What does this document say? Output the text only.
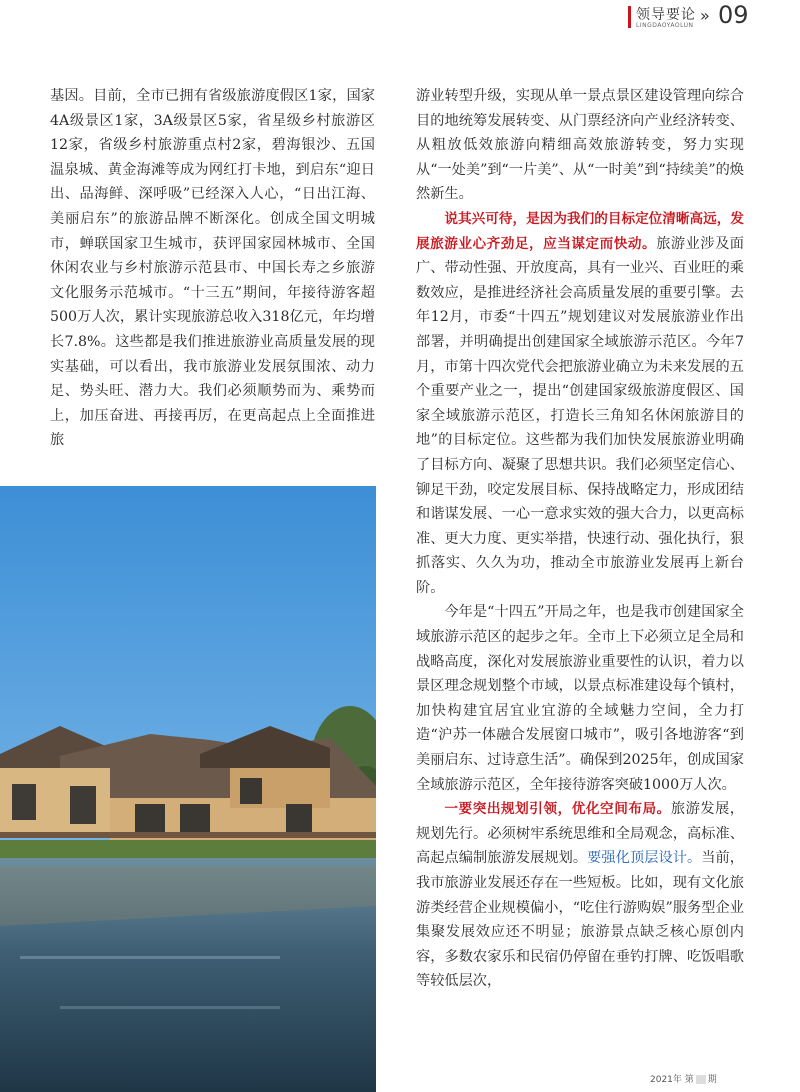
领导要论
LINGDAOYAOLUN
» 09

基因。目前，全市已拥有省级旅游度假区1家，国家4A级景区1家，3A级景区5家，省星级乡村旅游区12家，省级乡村旅游重点村2家，碧海银沙、五国温泉城、黄金海滩等成为网红打卡地，到启东“迎日出、品海鲜、深呼吸”已经深入人心，“日出江海、美丽启东”的旅游品牌不断深化。创成全国文明城市，蝉联国家卫生城市，获评国家园林城市、全国休闲农业与乡村旅游示范县市、中国长寿之乡旅游文化服务示范城市。“十三五”期间，年接待游客超500万人次，累计实现旅游总收入318亿元，年均增长7.8%。这些都是我们推进旅游业高质量发展的现实基础，可以看出，我市旅游业发展氛围浓、动力足、势头旺、潜力大。我们必须顺势而为、乘势而上，加压奋进、再接再厉，在更高起点上全面推进旅

游业转型升级，实现从单一景点景区建设管理向综合目的地统筹发展转变、从门票经济向产业经济转变、从粗放低效旅游向精细高效旅游转变，努力实现从“一处美”到“一片美”、从“一时美”到“持续美”的焕然新生。

说其兴可待，是因为我们的目标定位清晰高远，发展旅游业心齐劲足，应当谋定而快动。旅游业涉及面广、带动性强、开放度高，具有一业兴、百业旺的乘数效应，是推进经济社会高质量发展的重要引擎。去年12月，市委“十四五”规划建议对发展旅游业作出部署，并明确提出创建国家全域旅游示范区。今年7月，市第十四次党代会把旅游业确立为未来发展的五个重要产业之一，提出“创建国家级旅游度假区、国家全域旅游示范区，打造长三角知名休闲旅游目的地”的目标定位。这些都为我们加快发展旅游业明确了目标方向、凝聚了思想共识。我们必须坚定信心、铆足干劲，咬定发展目标、保持战略定力，形成团结和谐谋发展、一心一意求实效的强大合力，以更高标准、更大力度、更实举措，快速行动、强化执行，狠抓落实、久久为功，推动全市旅游业发展再上新台阶。

今年是“十四五”开局之年，也是我市创建国家全域旅游示范区的起步之年。全市上下必须立足全局和战略高度，深化对发展旅游业重要性的认识，着力以景区理念规划整个市域，以景点标准建设每个镇村，加快构建宜居宜业宜游的全域魅力空间，全力打造“沪苏一体融合发展窗口城市”，吸引各地游客“到美丽启东、过诗意生活”。确保到2025年，创成国家全域旅游示范区，全年接待游客突破1000万人次。

一要突出规划引领，优化空间布局。旅游发展，规划先行。必须树牢系统思维和全局观念，高标准、高起点编制旅游发展规划。要强化顶层设计。当前，我市旅游业发展还存在一些短板。比如，现有文化旅游类经营企业规模偏小，“吃住行游购娱”服务型企业集聚发展效应还不明显；旅游景点缺乏核心原创内容，多数农家乐和民宿仍停留在垂钓打牌、吃饭唱歌等较低层次，

2021年 第 期
